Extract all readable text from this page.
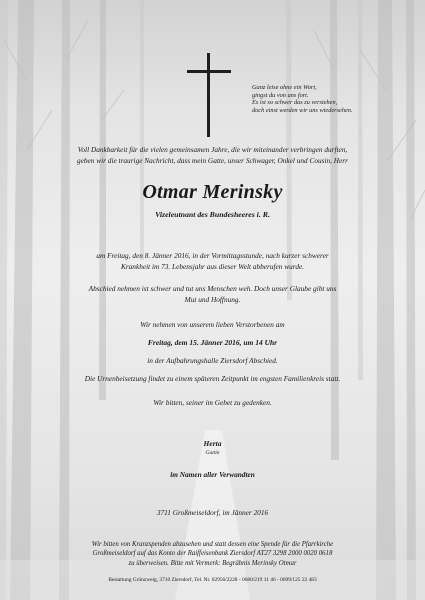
Ganz leise ohne ein Wort,
gingst du von uns fort.
Es ist so schwer das zu verstehen,
doch einst werden wir uns wiedersehen.
Voll Dankbarkeit für die vielen gemeinsamen Jahre, die wir miteinander verbringen durften,
geben wir die traurige Nachricht, dass mein Gatte, unser Schwager, Onkel und Cousin, Herr
Otmar Merinsky
Vizeleutnant des Bundesheeres i. R.
am Freitag, den 8. Jänner 2016, in der Vormittagsstunde, nach kurzer schwerer
Krankheit im 73. Lebensjahr aus dieser Welt abberufen wurde.
Abschied nehmen ist schwer und tut uns Menschen weh. Doch unser Glaube gibt uns
Mut und Hoffnung.
Wir nehmen von unserem lieben Verstorbenen am
Freitag, dem 15. Jänner 2016, um 14 Uhr
in der Aufbahrungshalle Ziersdorf Abschied.
Die Urnenbeisetzung findet zu einem späteren Zeitpunkt im engsten Familienkreis statt.
Wir bitten, seiner im Gebet zu gedenken.
Herta
Gattin
im Namen aller Verwandten
3711 Großmeiseldorf, im Jänner 2016
Wir bitten von Kranzspenden abzusehen und statt dessen eine Spende für die Pfarrkirche
Großmeiseldorf auf das Konto der Raiffeisenbank Ziersdorf AT27 3298 2000 0020 0618
zu überweisen. Bitte mit Vermerk: Begräbnis Merinsky Otmar
Bestattung Grünzweig, 3710 Ziersdorf, Tel. Nr. 02956/2228 - 0680/219 11 46 - 0699/125 22 483
